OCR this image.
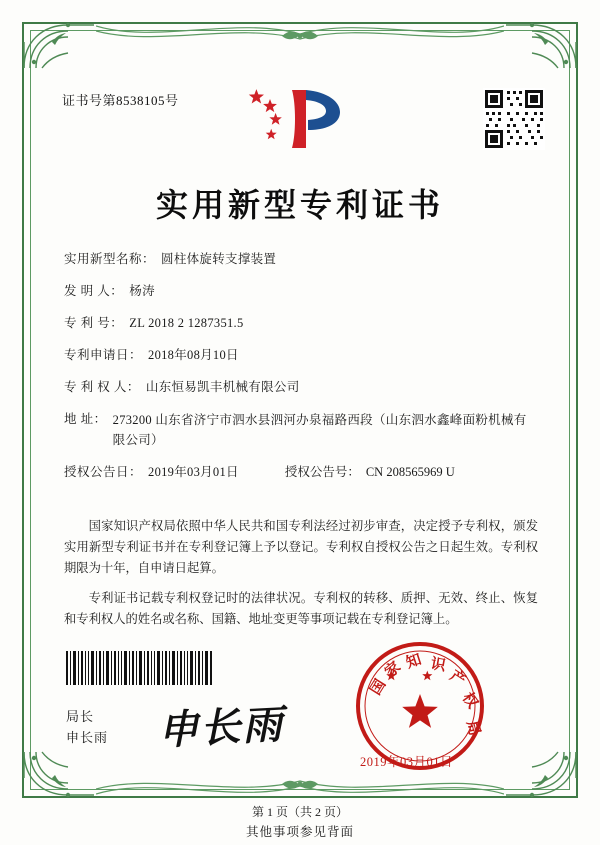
证书号第8538105号
实用新型专利证书
实用新型名称： 圆柱体旋转支撑装置
发 明 人： 杨涛
专 利 号： ZL 2018 2 1287351.5
专利申请日： 2018年08月10日
专 利 权 人： 山东恒易凯丰机械有限公司
地 址： 273200 山东省济宁市泗水县泗河办泉福路西段（山东泗水鑫峰面粉机械有限公司）
授权公告日： 2019年03月01日	授权公告号： CN 208565969 U

国家知识产权局依照中华人民共和国专利法经过初步审查，决定授予专利权，颁发实用新型专利证书并在专利登记簿上予以登记。专利权自授权公告之日起生效。专利权期限为十年，自申请日起算。

专利证书记载专利权登记时的法律状况。专利权的转移、质押、无效、终止、恢复和专利权人的姓名或名称、国籍、地址变更等事项记载在专利登记簿上。

局长
申长雨 申长雨
国
家 知 识
产
权
局
2019年03月01日
第 1 页（共 2 页）
其他事项参见背面
